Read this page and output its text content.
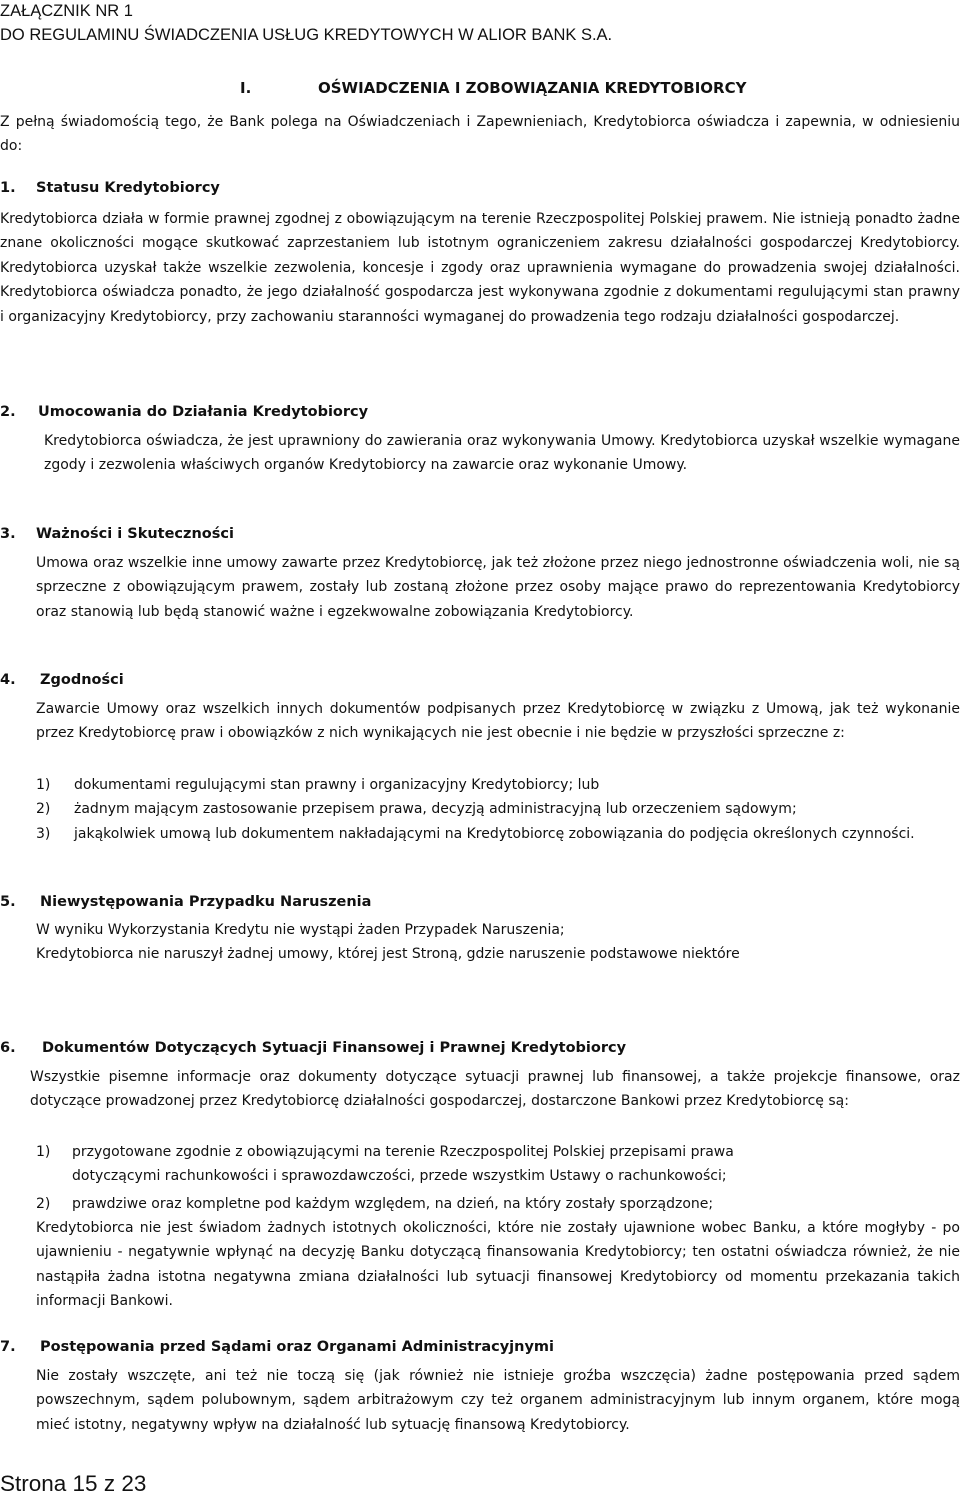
ZAŁĄCZNIK NR 1
DO REGULAMINU ŚWIADCZENIA USŁUG KREDYTOWYCH W ALIOR BANK S.A.
I.	OŚWIADCZENIA I ZOBOWIĄZANIA KREDYTOBIORCY
Z pełną świadomością tego, że Bank polega na Oświadczeniach i Zapewnieniach, Kredytobiorca oświadcza i zapewnia, w odniesieniu do:
1. Statusu Kredytobiorcy
Kredytobiorca działa w formie prawnej zgodnej z obowiązującym na terenie Rzeczpospolitej Polskiej prawem. Nie istnieją ponadto żadne znane okoliczności mogące skutkować zaprzestaniem lub istotnym ograniczeniem zakresu działalności gospodarczej Kredytobiorcy. Kredytobiorca uzyskał także wszelkie zezwolenia, koncesje i zgody oraz uprawnienia wymagane do prowadzenia swojej działalności. Kredytobiorca oświadcza ponadto, że jego działalność gospodarcza jest wykonywana zgodnie z dokumentami regulującymi stan prawny i organizacyjny Kredytobiorcy, przy zachowaniu staranności wymaganej do prowadzenia tego rodzaju działalności gospodarczej.
2. Umocowania do Działania Kredytobiorcy
Kredytobiorca oświadcza, że jest uprawniony do zawierania oraz wykonywania Umowy. Kredytobiorca uzyskał wszelkie wymagane zgody i zezwolenia właściwych organów Kredytobiorcy na zawarcie oraz wykonanie Umowy.
3. Ważności i Skuteczności
Umowa oraz wszelkie inne umowy zawarte przez Kredytobiorcę, jak też złożone przez niego jednostronne oświadczenia woli, nie są sprzeczne z obowiązującym prawem, zostały lub zostaną złożone przez osoby mające prawo do reprezentowania Kredytobiorcy oraz stanowią lub będą stanowić ważne i egzekwowalne zobowiązania Kredytobiorcy.
4. Zgodności
Zawarcie Umowy oraz wszelkich innych dokumentów podpisanych przez Kredytobiorcę w związku z Umową, jak też wykonanie przez Kredytobiorcę praw i obowiązków z nich wynikających nie jest obecnie i nie będzie w przyszłości sprzeczne z:
1) dokumentami regulującymi stan prawny i organizacyjny Kredytobiorcy; lub
2) żadnym mającym zastosowanie przepisem prawa, decyzją administracyjną lub orzeczeniem sądowym;
3)	jakąkolwiek umową lub dokumentem nakładającymi na Kredytobiorcę zobowiązania do podjęcia określonych czynności.
5. Niewystępowania Przypadku Naruszenia
W wyniku Wykorzystania Kredytu nie wystąpi żaden Przypadek Naruszenia;
Kredytobiorca nie naruszył żadnej umowy, której jest Stroną, gdzie naruszenie podstawowe niektóre
6. Dokumentów Dotyczących Sytuacji Finansowej i Prawnej Kredytobiorcy
Wszystkie pisemne informacje oraz dokumenty dotyczące sytuacji prawnej lub finansowej, a także projekcje finansowe, oraz dotyczące prowadzonej przez Kredytobiorcę działalności gospodarczej, dostarczone Bankowi przez Kredytobiorcę są:
1) przygotowane zgodnie z obowiązującymi na terenie Rzeczpospolitej Polskiej przepisami prawa
dotyczącymi rachunkowości i sprawozdawczości, przede wszystkim Ustawy o rachunkowości;
2) prawdziwe oraz kompletne pod każdym względem, na dzień, na który zostały sporządzone;
Kredytobiorca nie jest świadom żadnych istotnych okoliczności, które nie zostały ujawnione wobec Banku, a które mogłyby - po ujawnieniu - negatywnie wpłynąć na decyzję Banku dotyczącą finansowania Kredytobiorcy; ten ostatni oświadcza również, że nie nastąpiła żadna istotna negatywna zmiana działalności lub sytuacji finansowej Kredytobiorcy od momentu przekazania takich informacji Bankowi.
7. Postępowania przed Sądami oraz Organami Administracyjnymi
Nie zostały wszczęte, ani też nie toczą się (jak również nie istnieje groźba wszczęcia) żadne postępowania przed sądem powszechnym, sądem polubownym, sądem arbitrażowym czy też organem administracyjnym lub innym organem, które mogą mieć istotny, negatywny wpływ na działalność lub sytuację finansową Kredytobiorcy.
Strona 15 z 23
